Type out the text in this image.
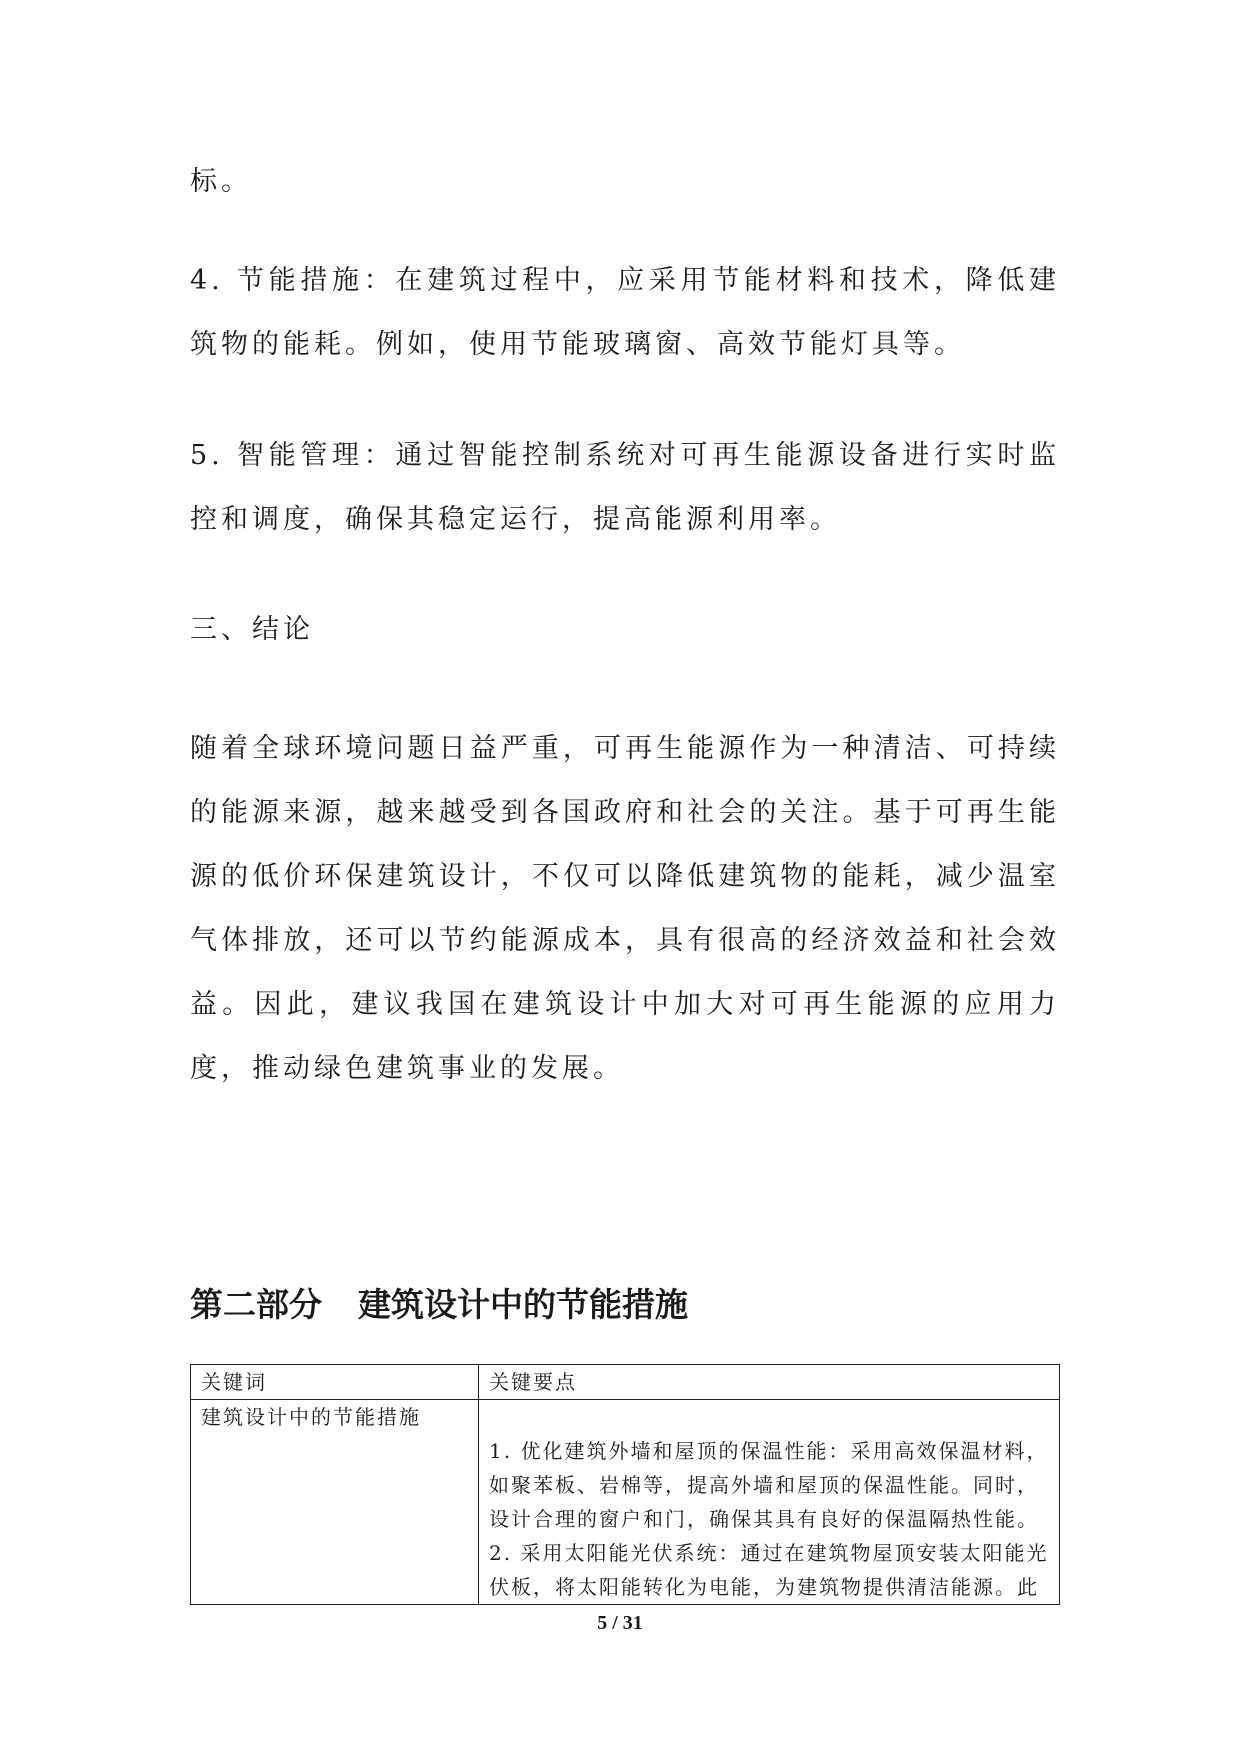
标。

4. 节能措施：在建筑过程中，应采用节能材料和技术，降低建筑物的能耗。例如，使用节能玻璃窗、高效节能灯具等。

5. 智能管理：通过智能控制系统对可再生能源设备进行实时监控和调度，确保其稳定运行，提高能源利用率。

三、结论

随着全球环境问题日益严重，可再生能源作为一种清洁、可持续的能源来源，越来越受到各国政府和社会的关注。基于可再生能源的低价环保建筑设计，不仅可以降低建筑物的能耗，减少温室气体排放，还可以节约能源成本，具有很高的经济效益和社会效益。因此，建议我国在建筑设计中加大对可再生能源的应用力度，推动绿色建筑事业的发展。

第二部分 建筑设计中的节能措施
关键词	关键要点
建筑设计中的节能措施	1. 优化建筑外墙和屋顶的保温性能：采用高效保温材料，如聚苯板、岩棉等，提高外墙和屋顶的保温性能。同时，设计合理的窗户和门，确保其具有良好的保温隔热性能。
2. 采用太阳能光伏系统：通过在建筑物屋顶安装太阳能光伏板，将太阳能转化为电能，为建筑物提供清洁能源。此
5 / 31
